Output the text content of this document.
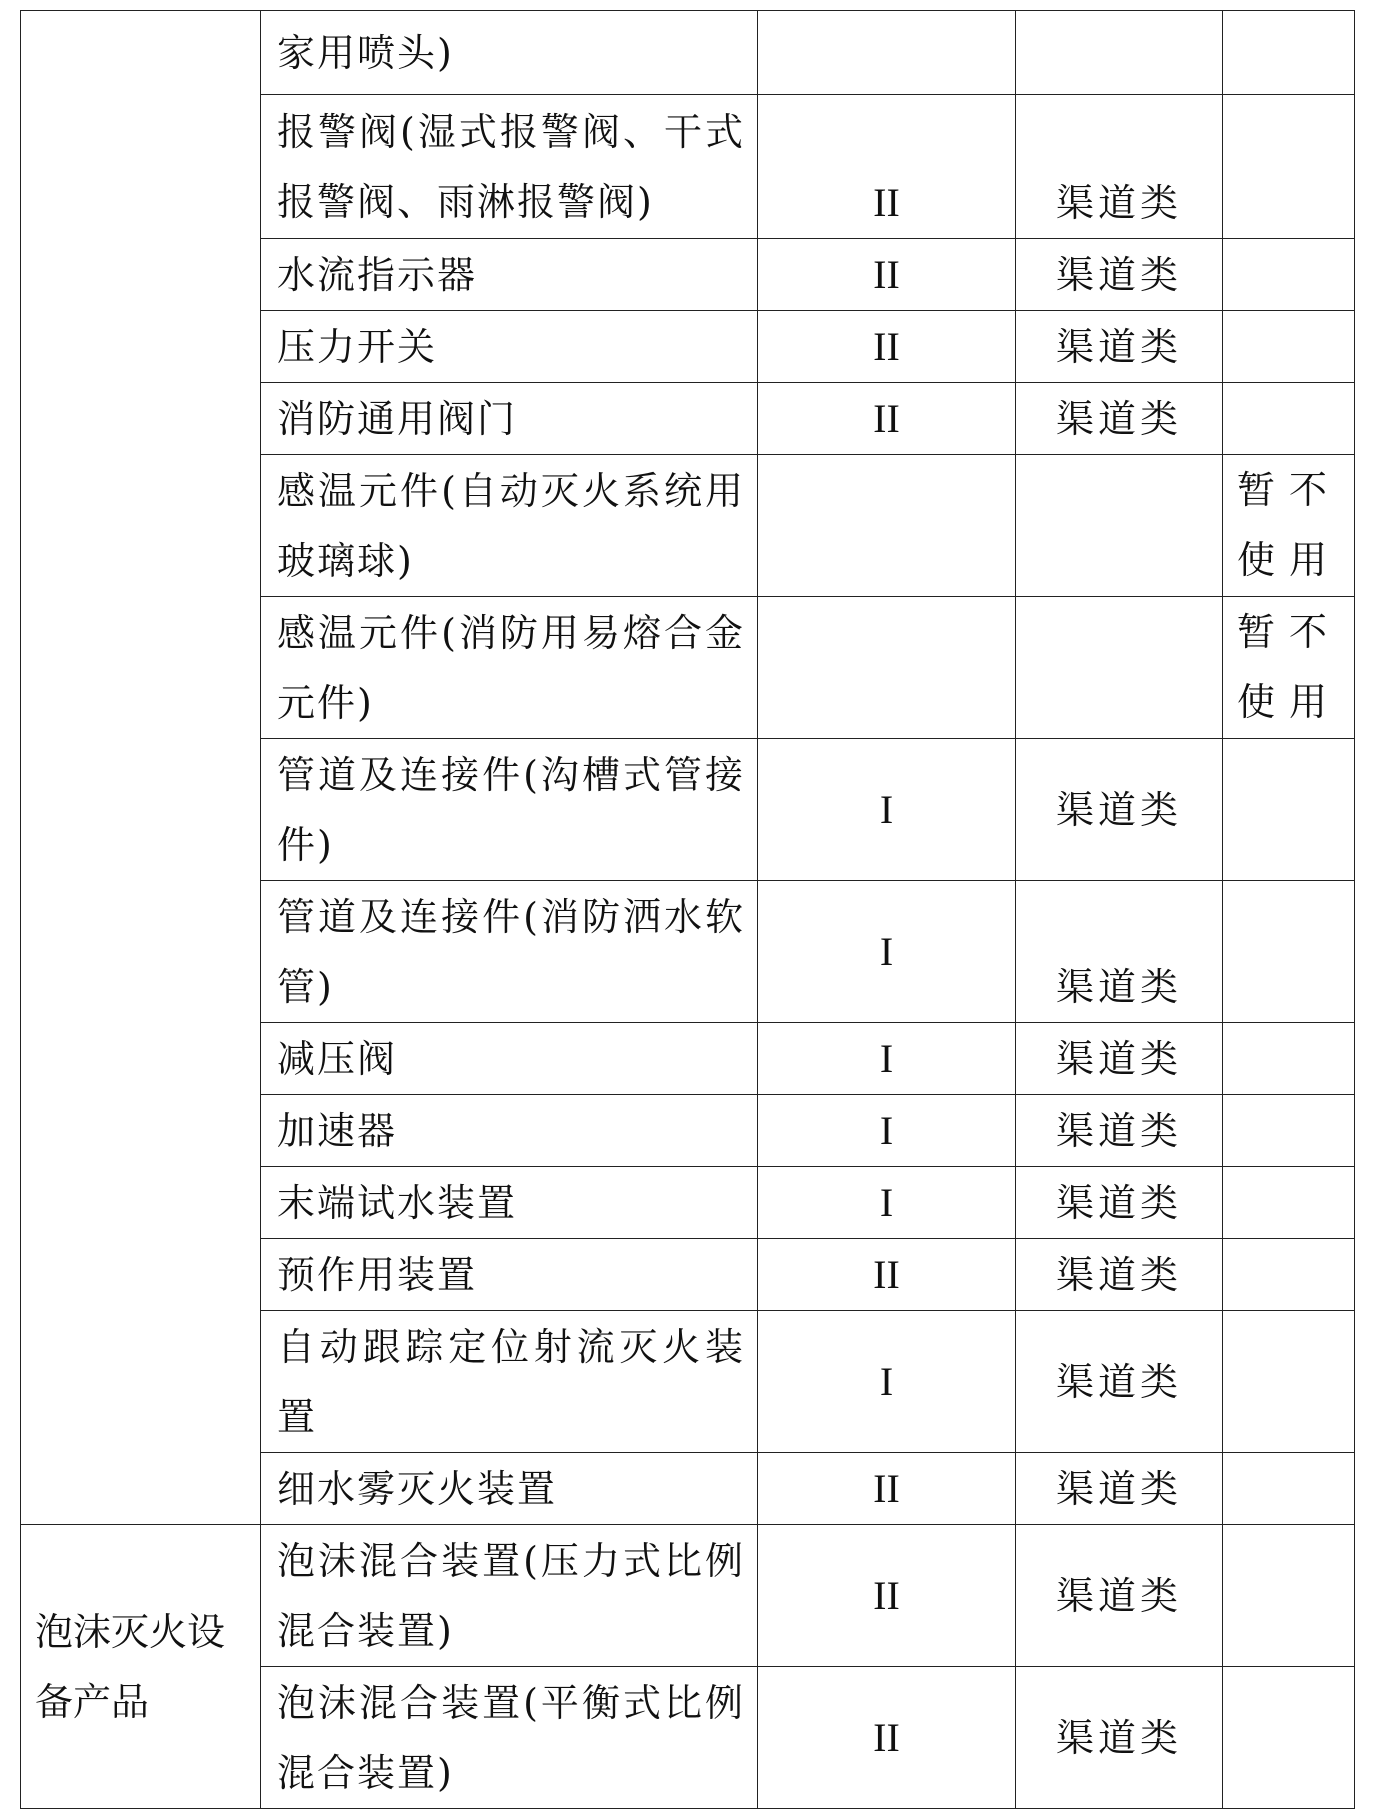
	家用喷头)			
	报警阀(湿式报警阀、干式报警阀、雨淋报警阀)	II	渠道类	
	水流指示器	II	渠道类	
	压力开关	II	渠道类	
	消防通用阀门	II	渠道类	
	感温元件(自动灭火系统用玻璃球)			暂不使用
	感温元件(消防用易熔合金元件)			暂不使用
	管道及连接件(沟槽式管接件)	I	渠道类	
	管道及连接件(消防洒水软管)	I	渠道类	
	减压阀	I	渠道类	
	加速器	I	渠道类	
	末端试水装置	I	渠道类	
	预作用装置	II	渠道类	
	自动跟踪定位射流灭火装置	I	渠道类	
	细水雾灭火装置	II	渠道类	
泡沫灭火设备产品	泡沫混合装置(压力式比例混合装置)	II	渠道类	
	泡沫混合装置(平衡式比例混合装置)	II	渠道类	
